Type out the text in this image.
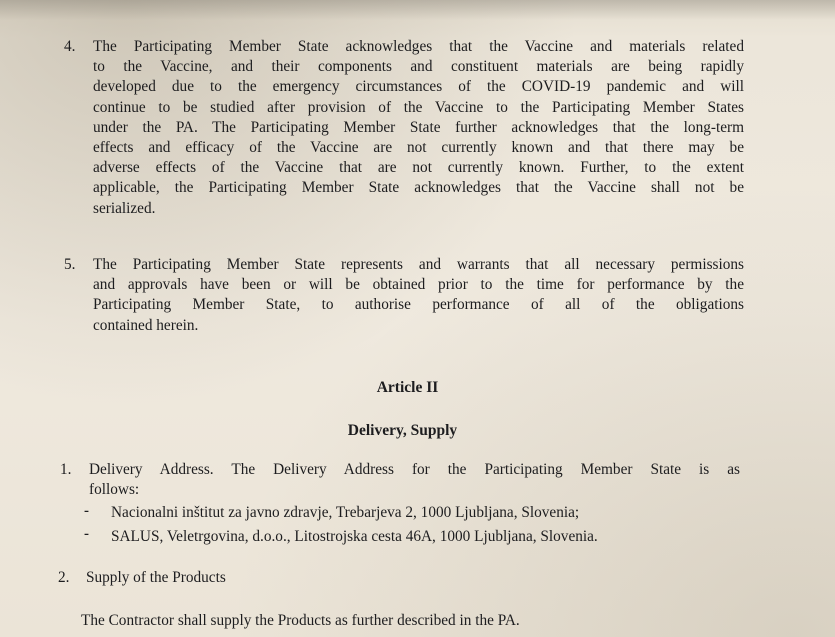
4. The Participating Member State acknowledges that the Vaccine and materials related
to the Vaccine, and their components and constituent materials are being rapidly
developed due to the emergency circumstances of the COVID-19 pandemic and will
continue to be studied after provision of the Vaccine to the Participating Member States
under the PA. The Participating Member State further acknowledges that the long-term
effects and efficacy of the Vaccine are not currently known and that there may be
adverse effects of the Vaccine that are not currently known. Further, to the extent
applicable, the Participating Member State acknowledges that the Vaccine shall not be
serialized.
5. The Participating Member State represents and warrants that all necessary permissions
and approvals have been or will be obtained prior to the time for performance by the
Participating Member State, to authorise performance of all of the obligations
contained herein.
Article II
Delivery, Supply
1. Delivery Address. The Delivery Address for the Participating Member State is as
follows:
- Nacionalni inštitut za javno zdravje, Trebarjeva 2, 1000 Ljubljana, Slovenia;
- SALUS, Veletrgovina, d.o.o., Litostrojska cesta 46A, 1000 Ljubljana, Slovenia.
2. Supply of the Products
The Contractor shall supply the Products as further described in the PA.
